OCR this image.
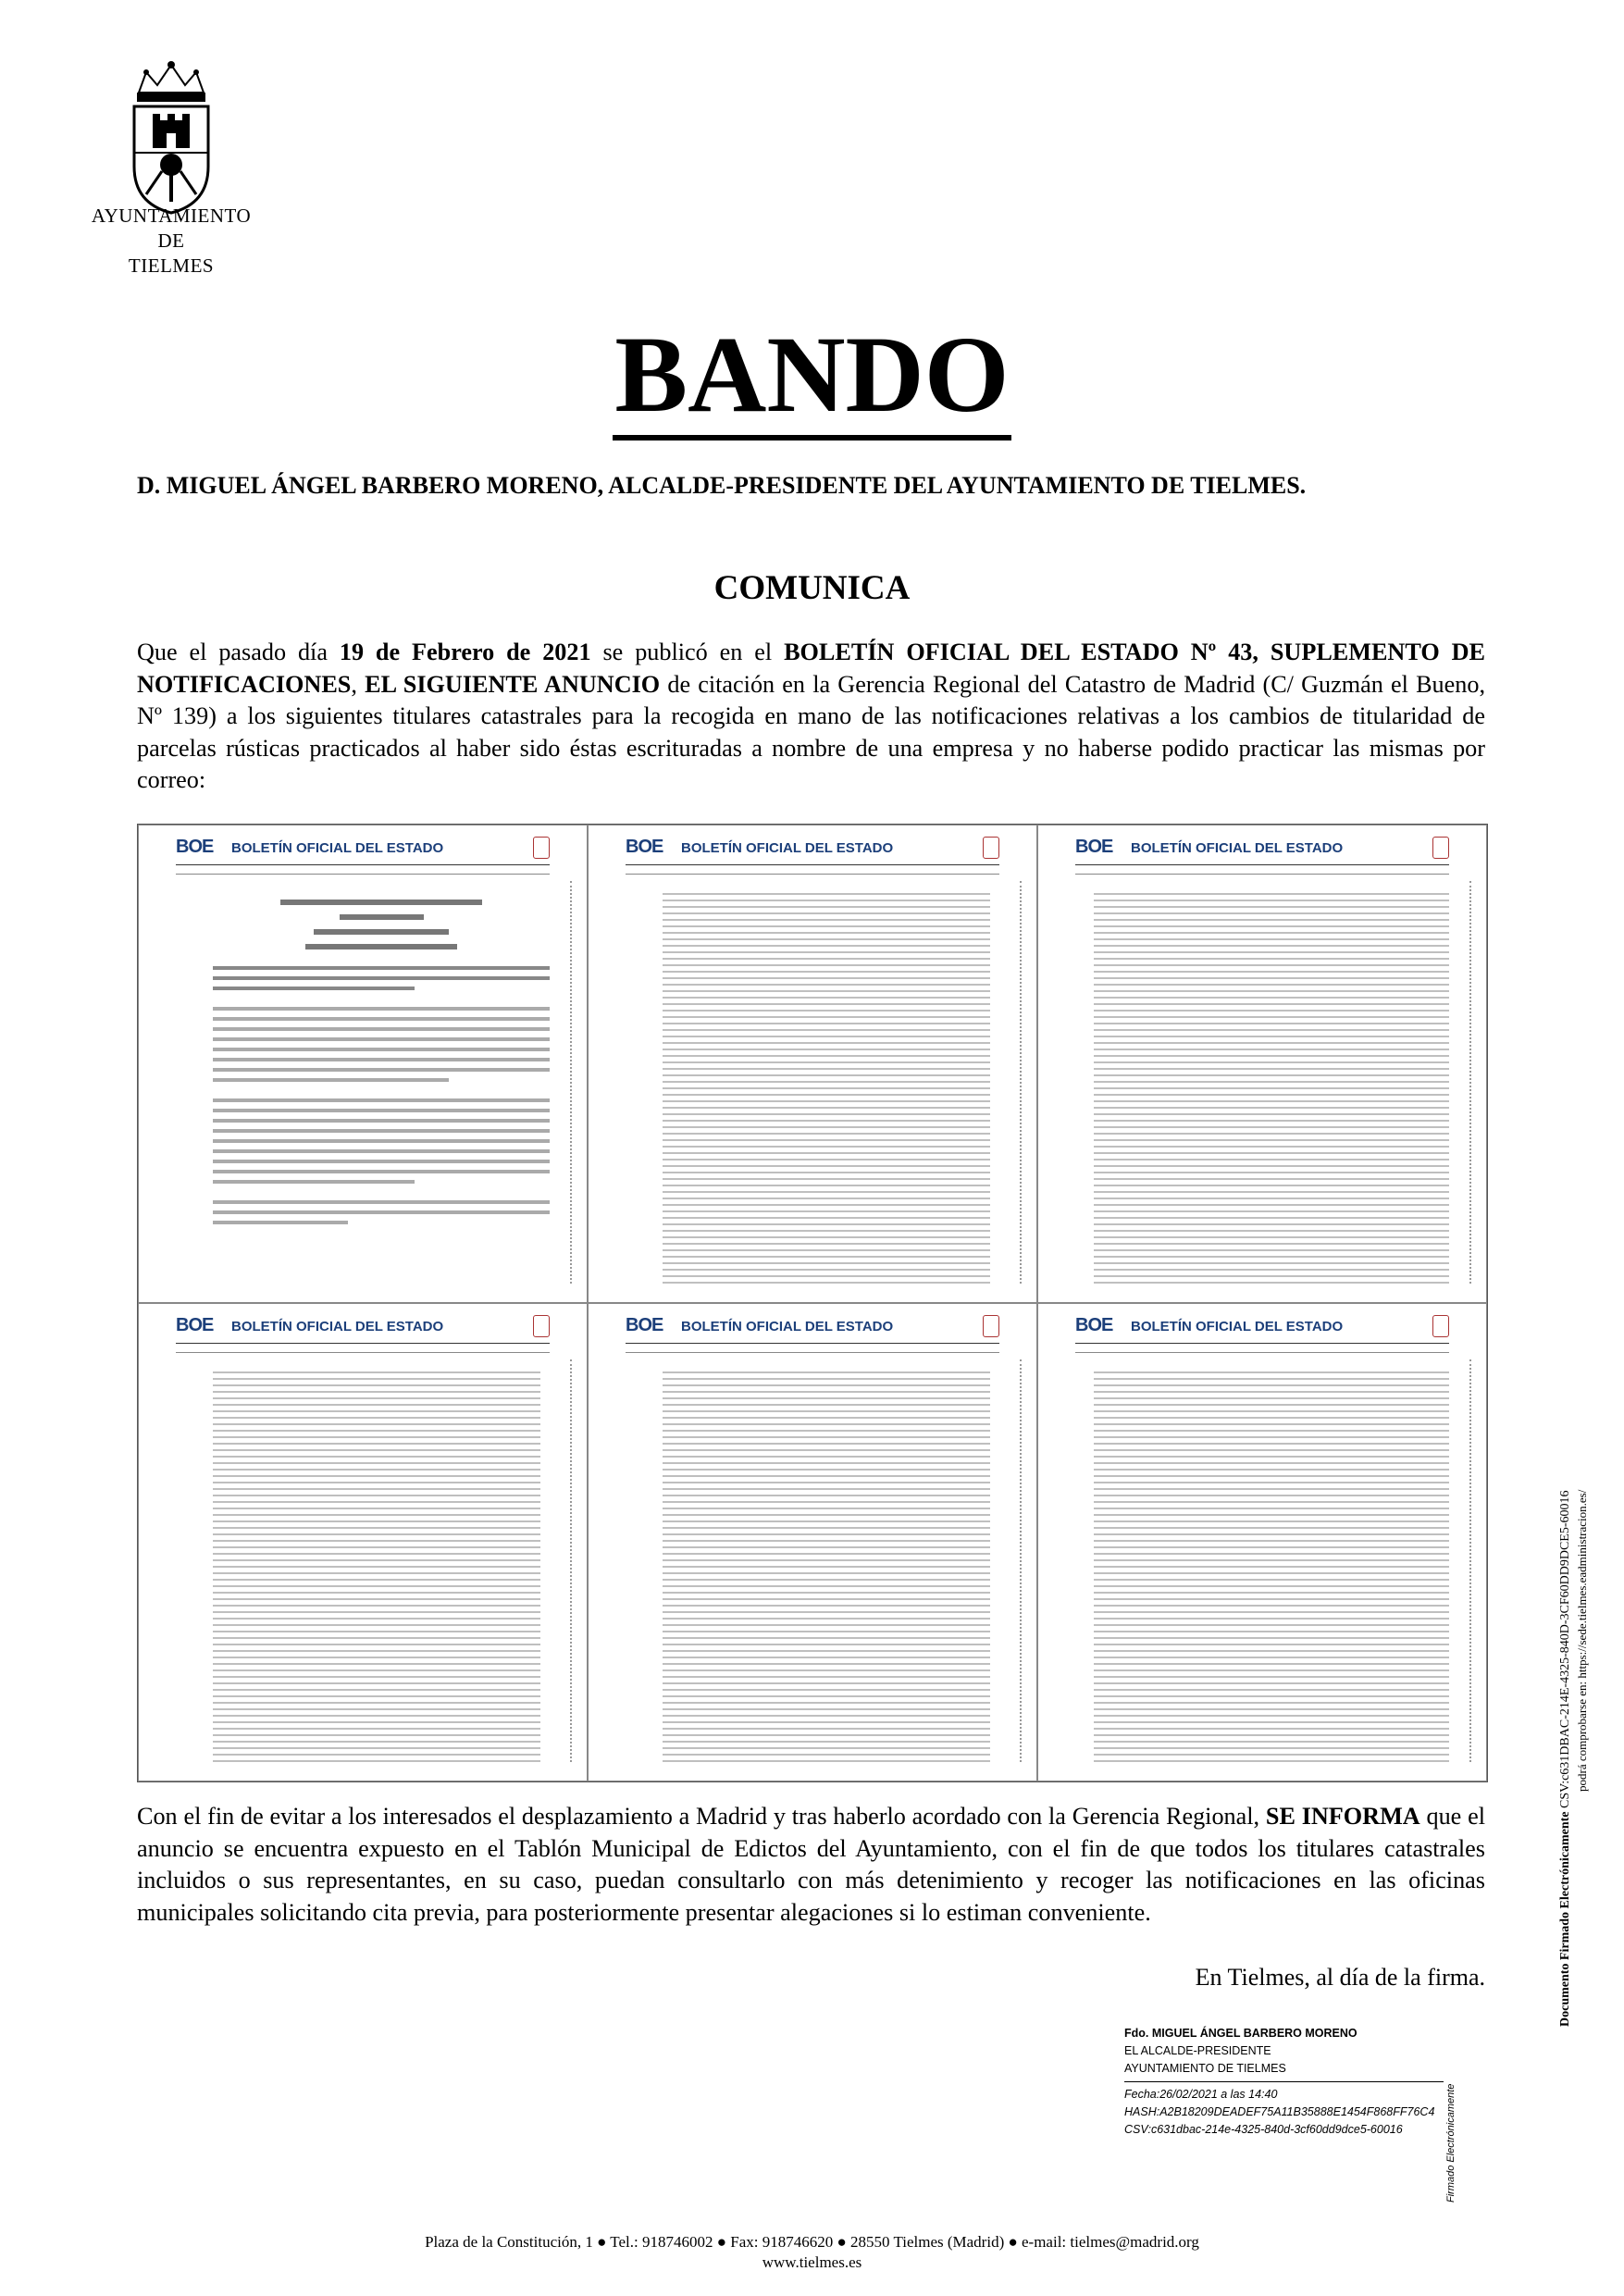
AYUNTAMIENTO
DE
TIELMES
BANDO
D. MIGUEL ÁNGEL BARBERO MORENO, ALCALDE-PRESIDENTE DEL AYUNTAMIENTO DE TIELMES.
COMUNICA
Que el pasado día 19 de Febrero de 2021 se publicó en el BOLETÍN OFICIAL DEL ESTADO Nº 43, SUPLEMENTO DE NOTIFICACIONES, EL SIGUIENTE ANUNCIO de citación en la Gerencia Regional del Catastro de Madrid (C/ Guzmán el Bueno, Nº 139) a los siguientes titulares catastrales para la recogida en mano de las notificaciones relativas a los cambios de titularidad de parcelas rústicas practicados al haber sido éstas escrituradas a nombre de una empresa y no haberse podido practicar las mismas por correo:
BOE BOLETÍN OFICIAL DEL ESTADO	BOE BOLETÍN OFICIAL DEL ESTADO	BOE BOLETÍN OFICIAL DEL ESTADO
BOE BOLETÍN OFICIAL DEL ESTADO	BOE BOLETÍN OFICIAL DEL ESTADO	BOE BOLETÍN OFICIAL DEL ESTADO
Con el fin de evitar a los interesados el desplazamiento a Madrid y tras haberlo acordado con la Gerencia Regional, SE INFORMA que el anuncio se encuentra expuesto en el Tablón Municipal de Edictos del Ayuntamiento, con el fin de que todos los titulares catastrales incluidos o sus representantes, en su caso, puedan consultarlo con más detenimiento y recoger las notificaciones en las oficinas municipales solicitando cita previa, para posteriormente presentar alegaciones si lo estiman conveniente.
En Tielmes, al día de la firma.
Fdo. MIGUEL ÁNGEL BARBERO MORENO
EL ALCALDE-PRESIDENTE
AYUNTAMIENTO DE TIELMES
Fecha:26/02/2021 a las 14:40
HASH:A2B18209DEADEF75A11B35888E1454F868FF76C4
CSV:c631dbac-214e-4325-840d-3cf60dd9dce5-60016	Firmado Electrónicamente
Documento Firmado Electrónicamente CSV:c631DBAC-214E-4325-840D-3CF60DD9DCE5-60016 podrá comprobarse en: https://sede.tielmes.eadministracion.es/
Plaza de la Constitución, 1 ● Tel.: 918746002 ● Fax: 918746620 ● 28550 Tielmes (Madrid) ● e-mail: tielmes@madrid.org
www.tielmes.es
